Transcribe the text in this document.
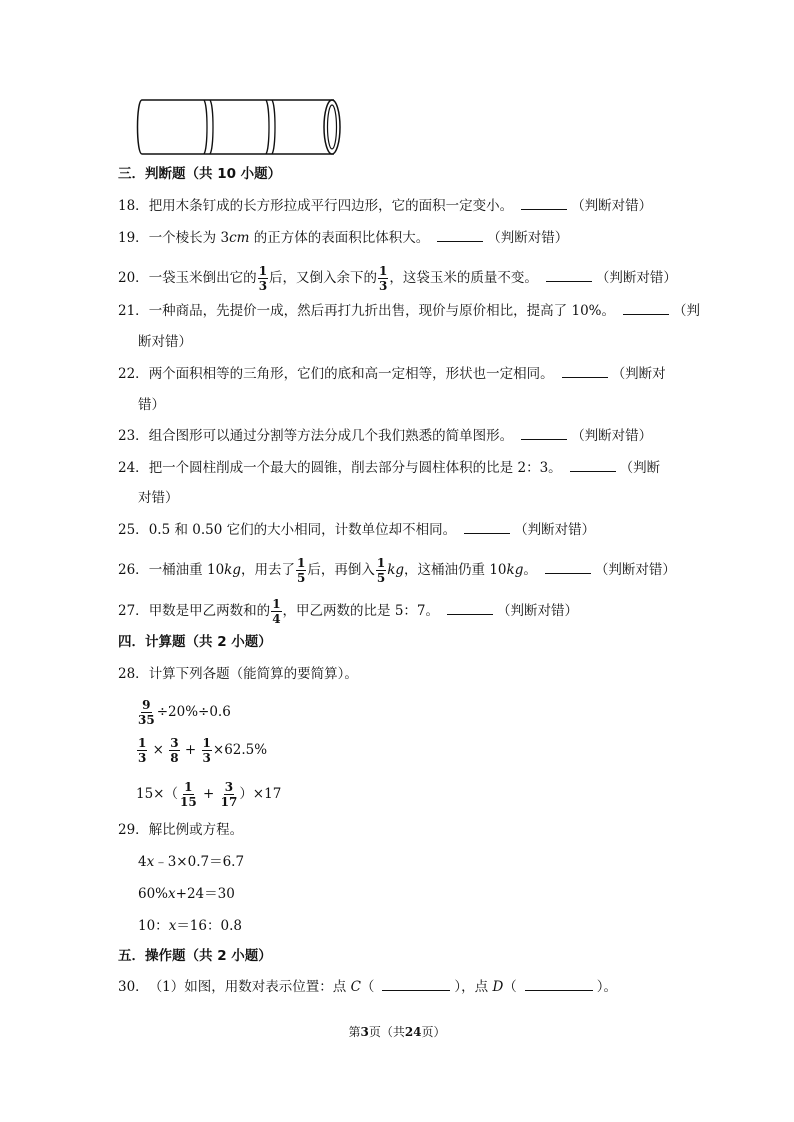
三．判断题（共 10 小题）
18．把用木条钉成的长方形拉成平行四边形，它的面积一定变小。	（判断对错）
19．一个棱长为 3cm 的正方体的表面积比体积大。	（判断对错）
20．一袋玉米倒出它的 $\frac{1}{3}$ 后，又倒入余下的 $\frac{1}{3}$ ，这袋玉米的质量不变。	（判断对错）
21．一种商品，先提价一成，然后再打九折出售，现价与原价相比，提高了 10%。	（判
断对错）
22．两个面积相等的三角形，它们的底和高一定相等，形状也一定相同。	（判断对
错）
23．组合图形可以通过分割等方法分成几个我们熟悉的简单图形。	（判断对错）
24．把一个圆柱削成一个最大的圆锥，削去部分与圆柱体积的比是 2：3。	（判断
对错）
25．0.5 和 0.50 它们的大小相同，计数单位却不相同。	（判断对错）
26．一桶油重 10kg，用去了 $\frac{1}{5}$ 后，再倒入 $\frac{1}{5}$ kg，这桶油仍重 10kg。	（判断对错）
27．甲数是甲乙两数和的 $\frac{1}{4}$ ，甲乙两数的比是 5：7。	（判断对错）
四．计算题（共 2 小题）
28．计算下列各题（能简算的要简算）。
$\frac{9}{35} \div 20\%\div 0.6$
$\frac{1}{3} \times \frac{3}{8} + \frac{1}{3} \times 62.5\%$
$15\times( \frac{1}{15} + \frac{3}{17} )\times 17$
29．解比例或方程。
4x﹣3×0.7＝6.7
60%x+24＝30
10：x＝16：0.8
五．操作题（共 2 小题）
30．（1）如图，用数对表示位置：点 C（	），点 D（	）。
第3页（共24页）
